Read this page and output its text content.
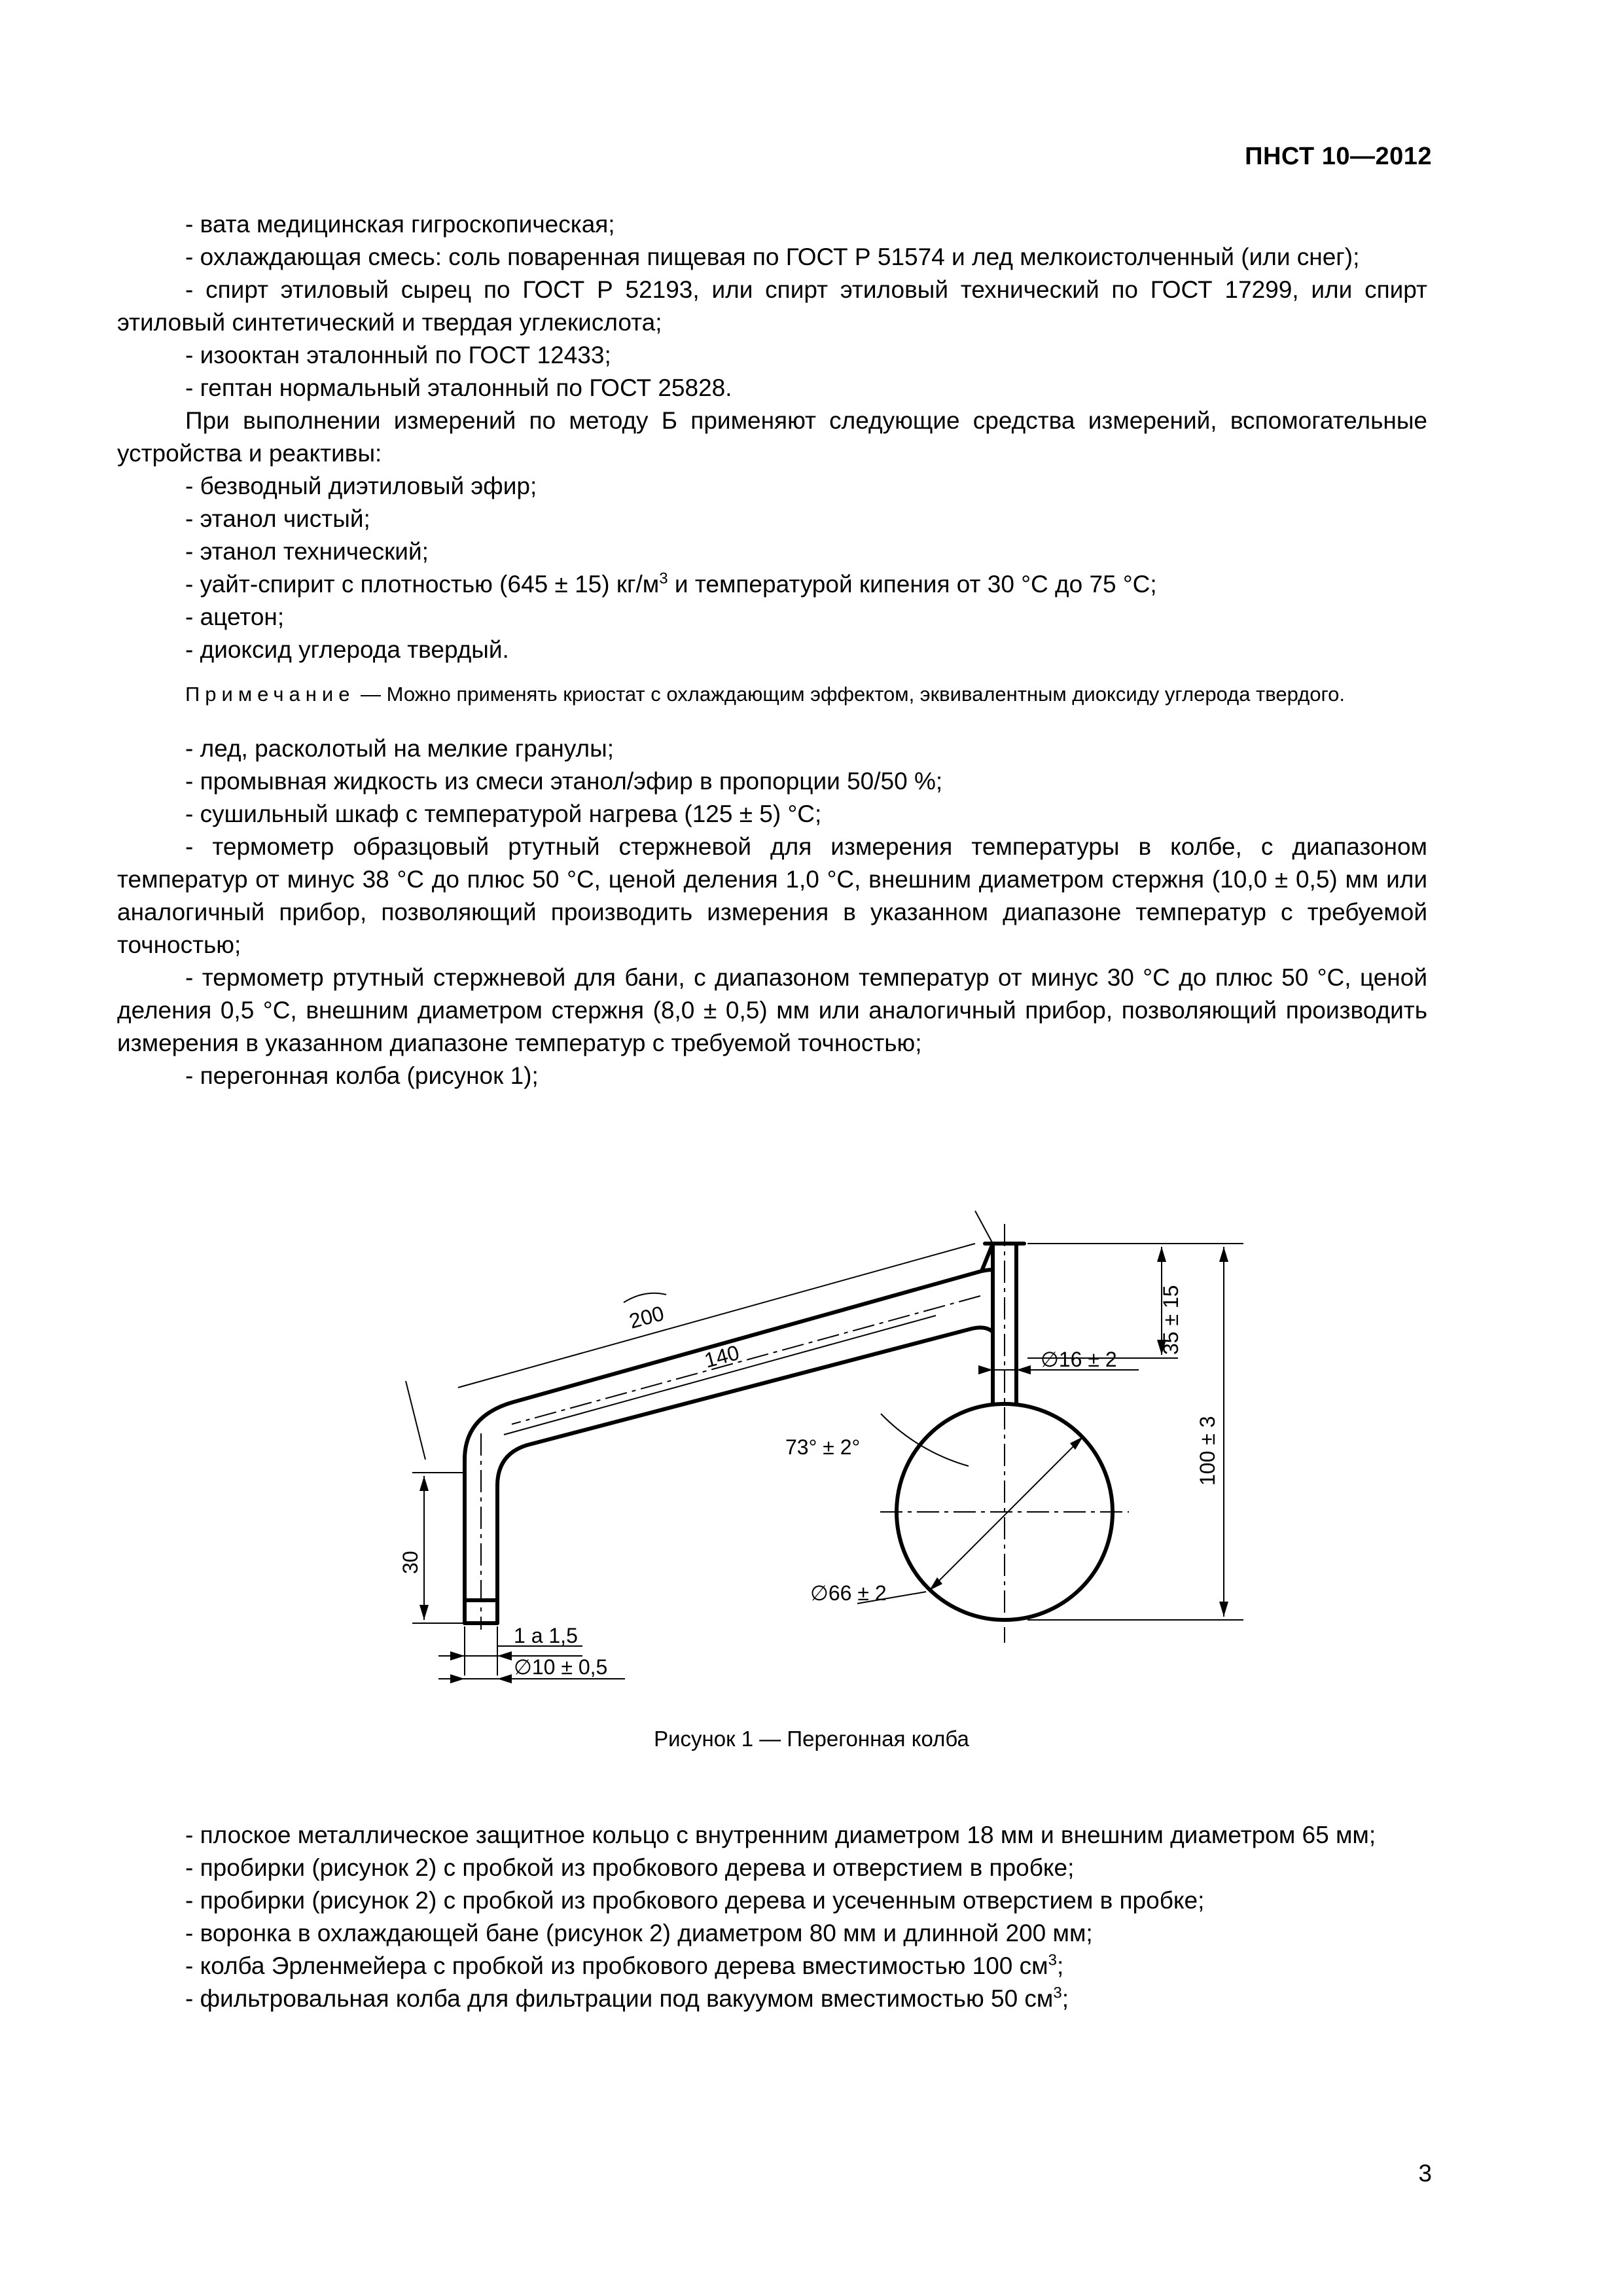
ПНСТ 10—2012

- вата медицинская гигроскопическая;

- охлаждающая смесь: соль поваренная пищевая по ГОСТ Р 51574 и лед мелкоистолченный (или снег);

- спирт этиловый сырец по ГОСТ Р 52193, или спирт этиловый технический по ГОСТ 17299, или спирт этиловый синтетический и твердая углекислота;

- изооктан эталонный по ГОСТ 12433;

- гептан нормальный эталонный по ГОСТ 25828.

При выполнении измерений по методу Б применяют следующие средства измерений, вспомогательные устройства и реактивы:

- безводный диэтиловый эфир;

- этанол чистый;

- этанол технический;

- уайт-спирит с плотностью (645 ± 15) $кг/м^3$ и температурой кипения от 30 °С до 75 °С;

- ацетон;

- диоксид углерода твердый.

Примечание — Можно применять криостат с охлаждающим эффектом, эквивалентным диоксиду углерода твердого.

- лед, расколотый на мелкие гранулы;

- промывная жидкость из смеси этанол/эфир в пропорции 50/50 %;

- сушильный шкаф с температурой нагрева (125 ± 5) °С;

- термометр образцовый ртутный стержневой для измерения температуры в колбе, с диапазоном температур от минус 38 °С до плюс 50 °С, ценой деления 1,0 °С, внешним диаметром стержня (10,0 ± 0,5) мм или аналогичный прибор, позволяющий производить измерения в указанном диапазоне температур с требуемой точностью;

- термометр ртутный стержневой для бани, с диапазоном температур от минус 30 °С до плюс 50 °С, ценой деления 0,5 °С, внешним диаметром стержня (8,0 ± 0,5) мм или аналогичный прибор, позволяющий производить измерения в указанном диапазоне температур с требуемой точностью;

- перегонная колба (рисунок 1);

200
140	∅16 ± 2
35 ± 15
100 ± 3
73° ± 2°
∅66 ± 2
30
1 а 1,5
∅10 ± 0,5
Рисунок 1 — Перегонная колба

- плоское металлическое защитное кольцо с внутренним диаметром 18 мм и внешним диаметром 65 мм;

- пробирки (рисунок 2) с пробкой из пробкового дерева и отверстием в пробке;

- пробирки (рисунок 2) с пробкой из пробкового дерева и усеченным отверстием в пробке;

- воронка в охлаждающей бане (рисунок 2) диаметром 80 мм и длинной 200 мм;

- колба Эрленмейера с пробкой из пробкового дерева вместимостью 100 $см^3$;

- фильтровальная колба для фильтрации под вакуумом вместимостью 50 $см^3$;

3
